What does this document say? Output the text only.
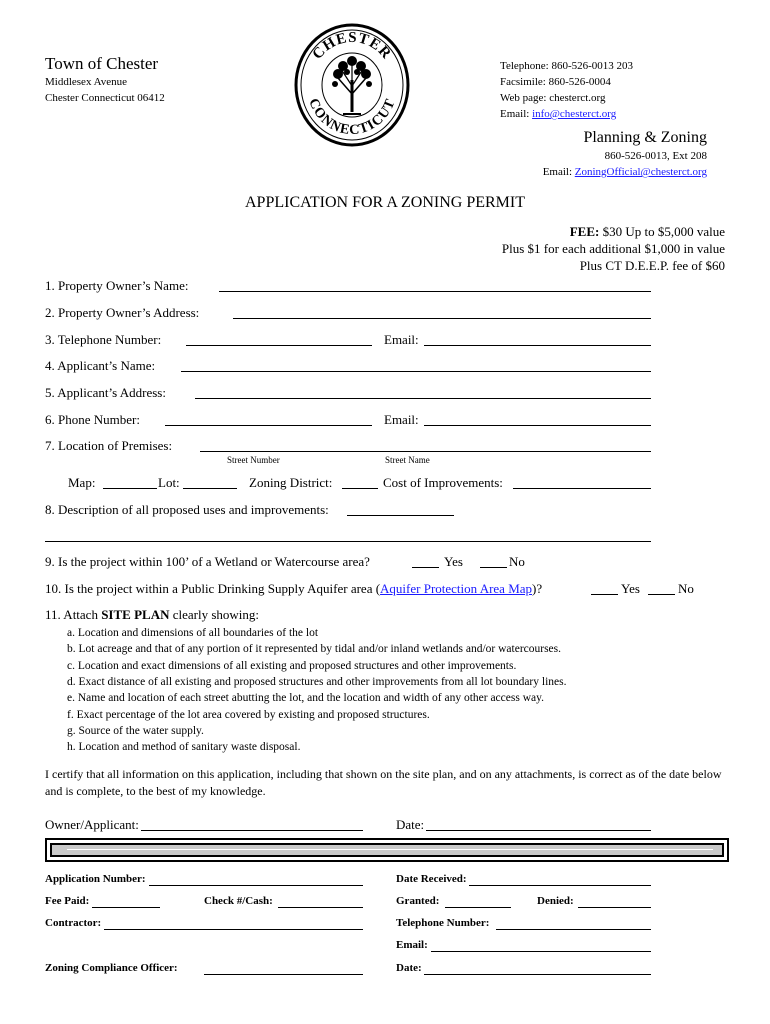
Town of Chester
Middlesex Avenue
Chester Connecticut 06412
CHESTER
CONNECTICUT
Telephone: 860-526-0013 203
Facsimile: 860-526-0004
Web page: chesterct.org
Email: info@chesterct.org
Planning & Zoning
860-526-0013, Ext 208
Email: ZoningOfficial@chesterct.org
APPLICATION FOR A ZONING PERMIT
FEE: $30 Up to $5,000 value
Plus $1 for each additional $1,000 in value
Plus CT D.E.E.P. fee of $60
1. Property Owner’s Name:
2. Property Owner’s Address:
3. Telephone Number:	Email:
4. Applicant’s Name:
5. Applicant’s Address:
6. Phone Number:	Email:
7. Location of Premises:
Street Number	Street Name
Map:	Lot:	Zoning District:	Cost of Improvements:
8. Description of all proposed uses and improvements:
9. Is the project within 100’ of a Wetland or Watercourse area?	Yes	No
10. Is the project within a Public Drinking Supply Aquifer area (Aquifer Protection Area Map)?	Yes	No
11. Attach SITE PLAN clearly showing:
a. Location and dimensions of all boundaries of the lot
b. Lot acreage and that of any portion of it represented by tidal and/or inland wetlands and/or watercourses.
c. Location and exact dimensions of all existing and proposed structures and other improvements.
d. Exact distance of all existing and proposed structures and other improvements from all lot boundary lines.
e. Name and location of each street abutting the lot, and the location and width of any other access way.
f. Exact percentage of the lot area covered by existing and proposed structures.
g. Source of the water supply.
h. Location and method of sanitary waste disposal.
I certify that all information on this application, including that shown on the site plan, and on any attachments, is correct as of the date below and is complete, to the best of my knowledge.
Owner/Applicant:	Date:
Application Number:	Date Received:
Fee Paid:	Check #/Cash:	Granted:	Denied:
Contractor:	Telephone Number:
Email:
Zoning Compliance Officer:	Date:
